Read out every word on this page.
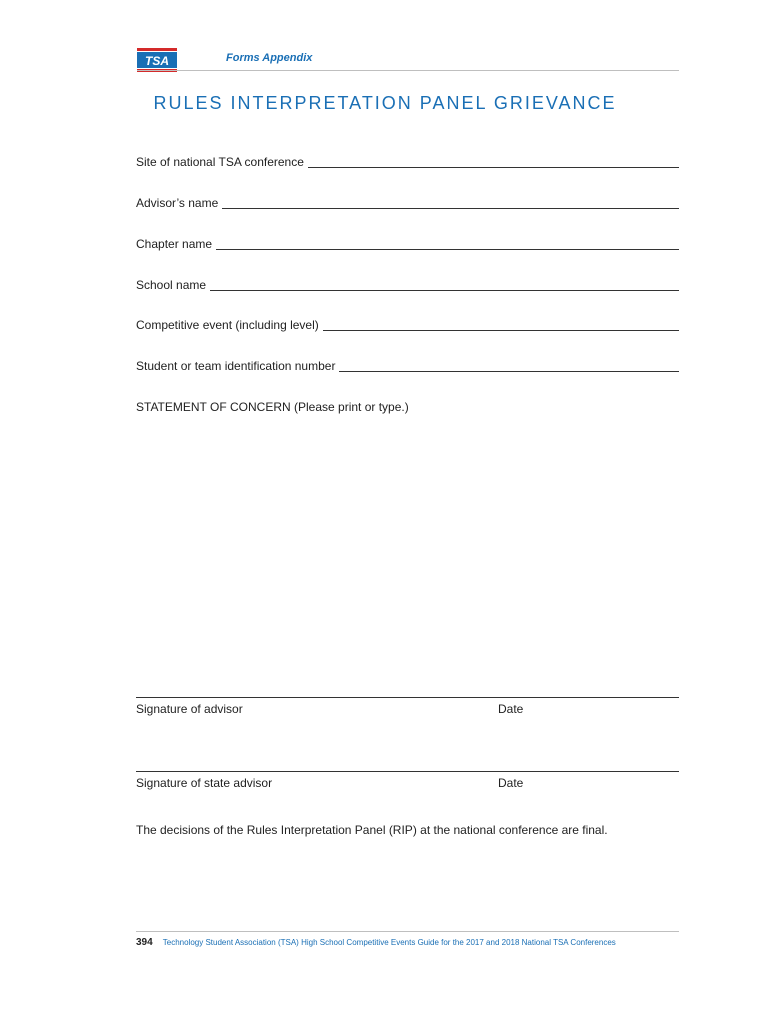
TSA	Forms Appendix
RULES INTERPRETATION PANEL GRIEVANCE
Site of national TSA conference
Advisor’s name
Chapter name
School name
Competitive event (including level)
Student or team identification number
STATEMENT OF CONCERN (Please print or type.)
Signature of advisor	Date
Signature of state advisor	Date
The decisions of the Rules Interpretation Panel (RIP) at the national conference are final.
394 Technology Student Association (TSA) High School Competitive Events Guide for the 2017 and 2018 National TSA Conferences
